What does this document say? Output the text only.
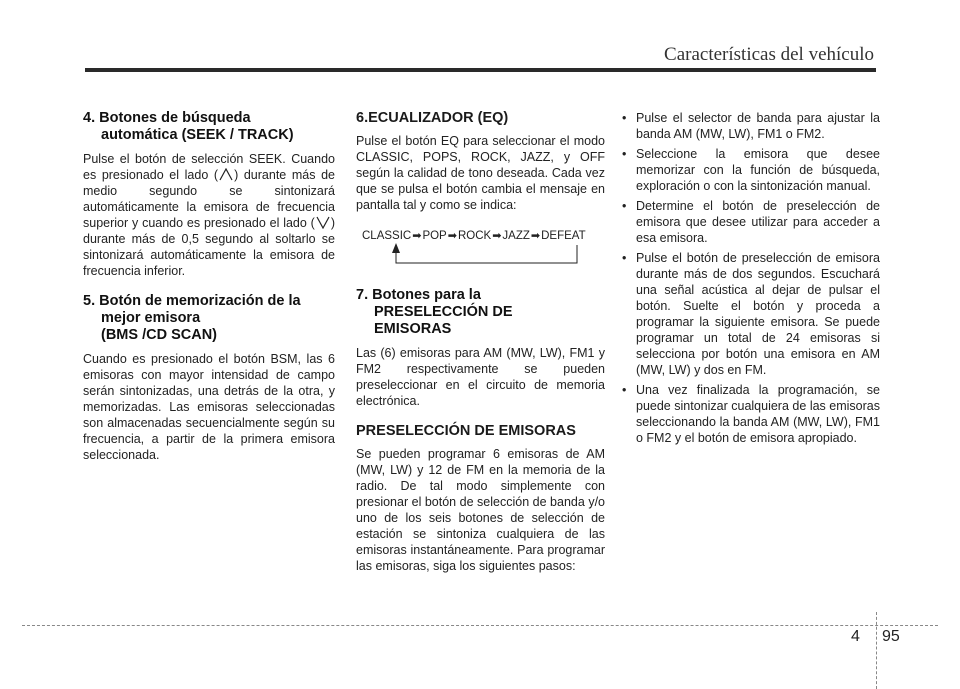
Características del vehículo
4. Botones de búsqueda
automática (SEEK / TRACK)

Pulse el botón de selección SEEK. Cuando es presionado el lado ( ) durante más de medio segundo se sintonizará automáticamente la emisora de frecuencia superior y cuando es presionado el lado ( ) durante más de 0,5 segundo al soltarlo se sintonizará automáticamente la emisora de frecuencia inferior.

5. Botón de memorización de la
mejor emisora
(BMS /CD SCAN)

Cuando es presionado el botón BSM, las 6 emisoras con mayor intensidad de campo serán sintonizadas, una detrás de la otra, y memorizadas. Las emisoras seleccionadas son almacenadas secuencialmente según su frecuencia, a partir de la primera emisora seleccionada.

6.ECUALIZADOR (EQ)

Pulse el botón EQ para seleccionar el modo CLASSIC, POPS, ROCK, JAZZ, y OFF según la calidad de tono deseada. Cada vez que se pulsa el botón cambia el mensaje en pantalla tal y como se indica:

CLASSIC➡POP➡ROCK➡JAZZ➡DEFEAT
7. Botones para la
PRESELECCIÓN DE
EMISORAS

Las (6) emisoras para AM (MW, LW), FM1 y FM2 respectivamente se pueden preseleccionar en el circuito de memoria electrónica.

PRESELECCIÓN DE EMISORAS

Se pueden programar 6 emisoras de AM (MW, LW) y 12 de FM en la memoria de la radio. De tal modo simplemente con presionar el botón de selección de banda y/o uno de los seis botones de selección de estación se sintoniza cualquiera de las emisoras instantáneamente. Para programar las emisoras, siga los siguientes pasos:

• Pulse el selector de banda para ajustar la banda AM (MW, LW), FM1 o FM2.
• Seleccione la emisora que desee memorizar con la función de búsqueda, exploración o con la sintonización manual.
• Determine el botón de preselección de emisora que desee utilizar para acceder a esa emisora.
• Pulse el botón de preselección de emisora durante más de dos segundos. Escuchará una señal acústica al dejar de pulsar el botón. Suelte el botón y proceda a programar la siguiente emisora. Se puede programar un total de 24 emisoras si selecciona por botón una emisora en AM (MW, LW) y dos en FM.
• Una vez finalizada la programación, se puede sintonizar cualquiera de las emisoras seleccionando la banda AM (MW, LW), FM1 o FM2 y el botón de emisora apropiado.
4 95
